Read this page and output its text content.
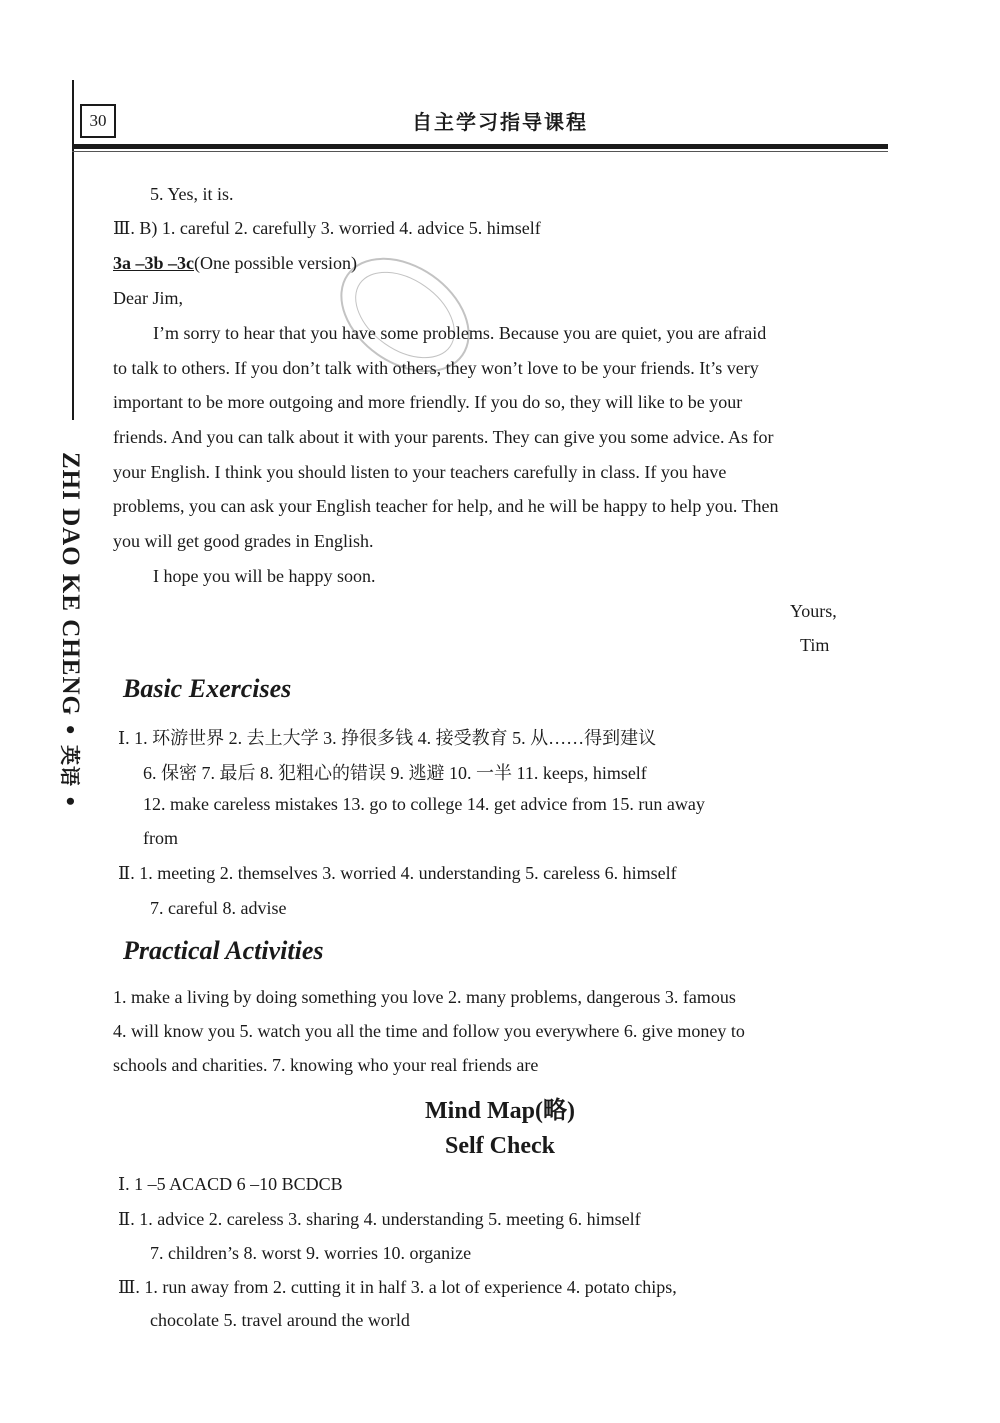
30	自主学习指导课程
ZHI DAO KE CHENG • 英语 •
5. Yes, it is.
Ⅲ. B) 1. careful 2. carefully 3. worried 4. advice 5. himself
3a –3b –3c(One possible version)
Dear Jim,
I’m sorry to hear that you have some problems. Because you are quiet, you are afraid
to talk to others. If you don’t talk with others, they won’t love to be your friends. It’s very
important to be more outgoing and more friendly. If you do so, they will like to be your
friends. And you can talk about it with your parents. They can give you some advice. As for
your English. I think you should listen to your teachers carefully in class. If you have
problems, you can ask your English teacher for help, and he will be happy to help you. Then
you will get good grades in English.
I hope you will be happy soon.
Yours,
Tim
Basic Exercises
Ⅰ. 1. 环游世界 2. 去上大学 3. 挣很多钱 4. 接受教育 5. 从……得到建议
6. 保密 7. 最后 8. 犯粗心的错误 9. 逃避 10. 一半 11. keeps, himself
12. make careless mistakes 13. go to college 14. get advice from 15. run away
from
Ⅱ. 1. meeting 2. themselves 3. worried 4. understanding 5. careless 6. himself
7. careful 8. advise
Practical Activities
1. make a living by doing something you love 2. many problems, dangerous 3. famous
4. will know you 5. watch you all the time and follow you everywhere 6. give money to
schools and charities. 7. knowing who your real friends are
Mind Map(略)
Self Check
Ⅰ. 1 –5 ACACD 6 –10 BCDCB
Ⅱ. 1. advice 2. careless 3. sharing 4. understanding 5. meeting 6. himself
7. children’s 8. worst 9. worries 10. organize
Ⅲ. 1. run away from 2. cutting it in half 3. a lot of experience 4. potato chips,
chocolate 5. travel around the world
